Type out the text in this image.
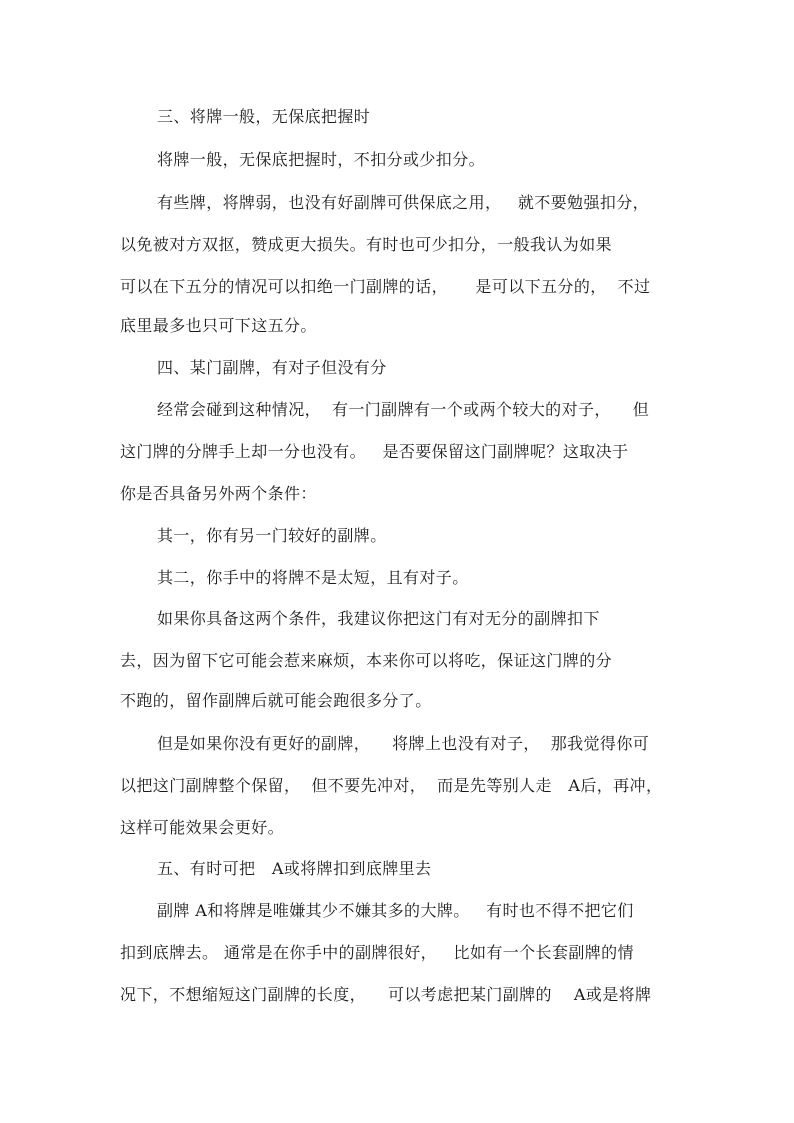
三、将牌一般，无保底把握时
将牌一般，无保底把握时，不扣分或少扣分。
有些牌，将牌弱，也没有好副牌可供保底之用，   就不要勉强扣分，
以免被对方双抠，赞成更大损失。有时也可少扣分，一般我认为如果
可以在下五分的情况可以扣绝一门副牌的话，     是可以下五分的，  不过
底里最多也只可下这五分。
四、某门副牌，有对子但没有分
经常会碰到这种情况，  有一门副牌有一个或两个较大的对子，    但
这门牌的分牌手上却一分也没有。   是否要保留这门副牌呢？这取决于
你是否具备另外两个条件：
其一，你有另一门较好的副牌。
其二，你手中的将牌不是太短，且有对子。
如果你具备这两个条件，我建议你把这门有对无分的副牌扣下
去，因为留下它可能会惹来麻烦，本来你可以将吃，保证这门牌的分
不跑的，留作副牌后就可能会跑很多分了。
但是如果你没有更好的副牌，    将牌上也没有对子，  那我觉得你可
以把这门副牌整个保留，  但不要先冲对，  而是先等别人走   A后，再冲，
这样可能效果会更好。
五、有时可把   A或将牌扣到底牌里去
副牌 A和将牌是唯嫌其少不嫌其多的大牌。   有时也不得不把它们
扣到底牌去。 通常是在你手中的副牌很好，   比如有一个长套副牌的情
况下，不想缩短这门副牌的长度，    可以考虑把某门副牌的    A或是将牌
